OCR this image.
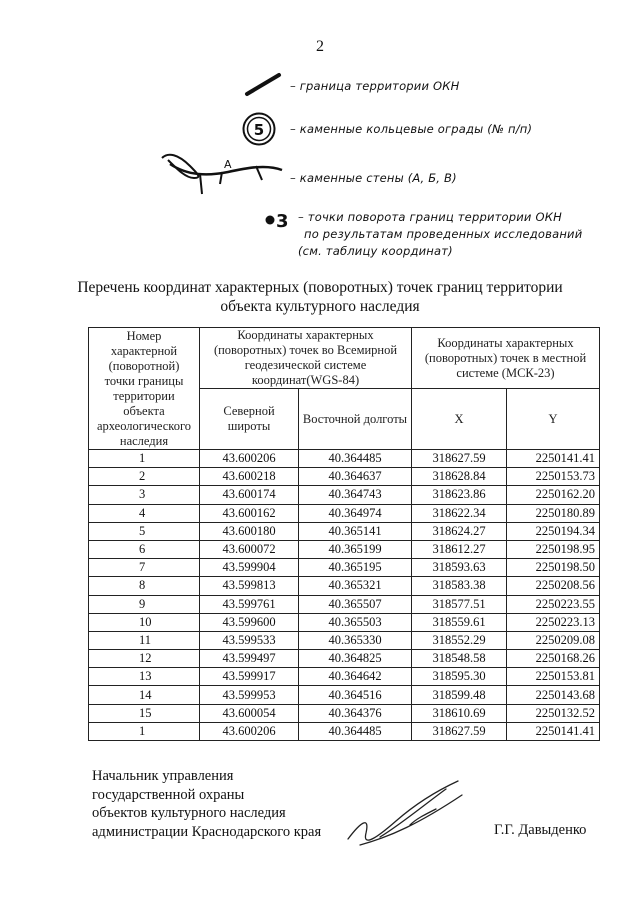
2
– граница территории ОКН
5 – каменные кольцевые ограды (№ п/п)
А
– каменные стены (А, Б, В)
3 – точки поворота границ территории ОКН
по результатам проведенных исследований
(см. таблицу координат)
Перечень координат характерных (поворотных) точек границ территории
объекта культурного наследия
Номер характерной (поворотной) точки границы территории объекта археологического наследия	Координаты характерных (поворотных) точек во Всемирной геодезической системе координат(WGS-84)		Координаты характерных (поворотных) точек в местной системе (МСК-23)	
	Северной широты	Восточной долготы	X	Y
1	43.600206	40.364485	318627.59	2250141.41
2	43.600218	40.364637	318628.84	2250153.73
3	43.600174	40.364743	318623.86	2250162.20
4	43.600162	40.364974	318622.34	2250180.89
5	43.600180	40.365141	318624.27	2250194.34
6	43.600072	40.365199	318612.27	2250198.95
7	43.599904	40.365195	318593.63	2250198.50
8	43.599813	40.365321	318583.38	2250208.56
9	43.599761	40.365507	318577.51	2250223.55
10	43.599600	40.365503	318559.61	2250223.13
11	43.599533	40.365330	318552.29	2250209.08
12	43.599497	40.364825	318548.58	2250168.26
13	43.599917	40.364642	318595.30	2250153.81
14	43.599953	40.364516	318599.48	2250143.68
15	43.600054	40.364376	318610.69	2250132.52
1	43.600206	40.364485	318627.59	2250141.41
Начальник управления
государственной охраны
объектов культурного наследия
администрации Краснодарского края	Г.Г. Давыденко
